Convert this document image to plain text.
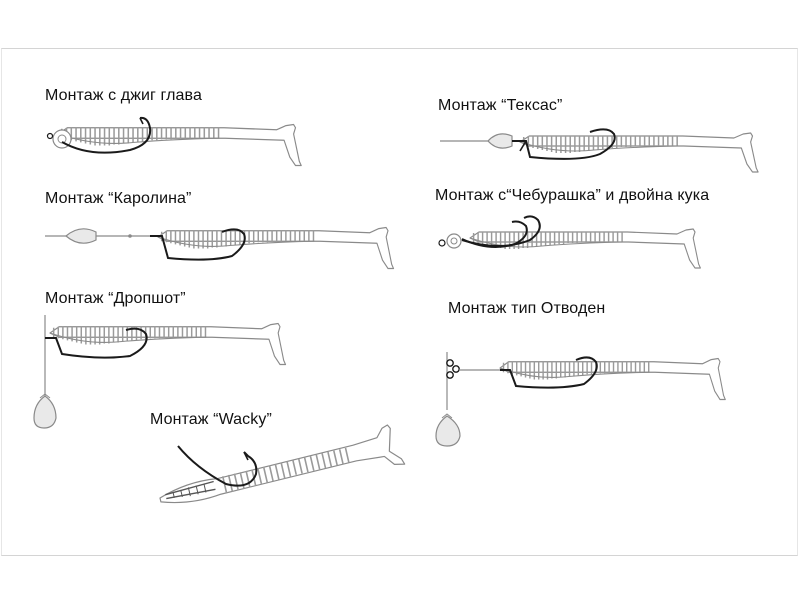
Монтаж с джиг глава
Монтаж “Тексас”
Монтаж “Каролина”	Монтаж с“Чебурашка” и двойна кука
Монтаж “Дропшот”
Монтаж тип Отводен
Монтаж “Wacky”
